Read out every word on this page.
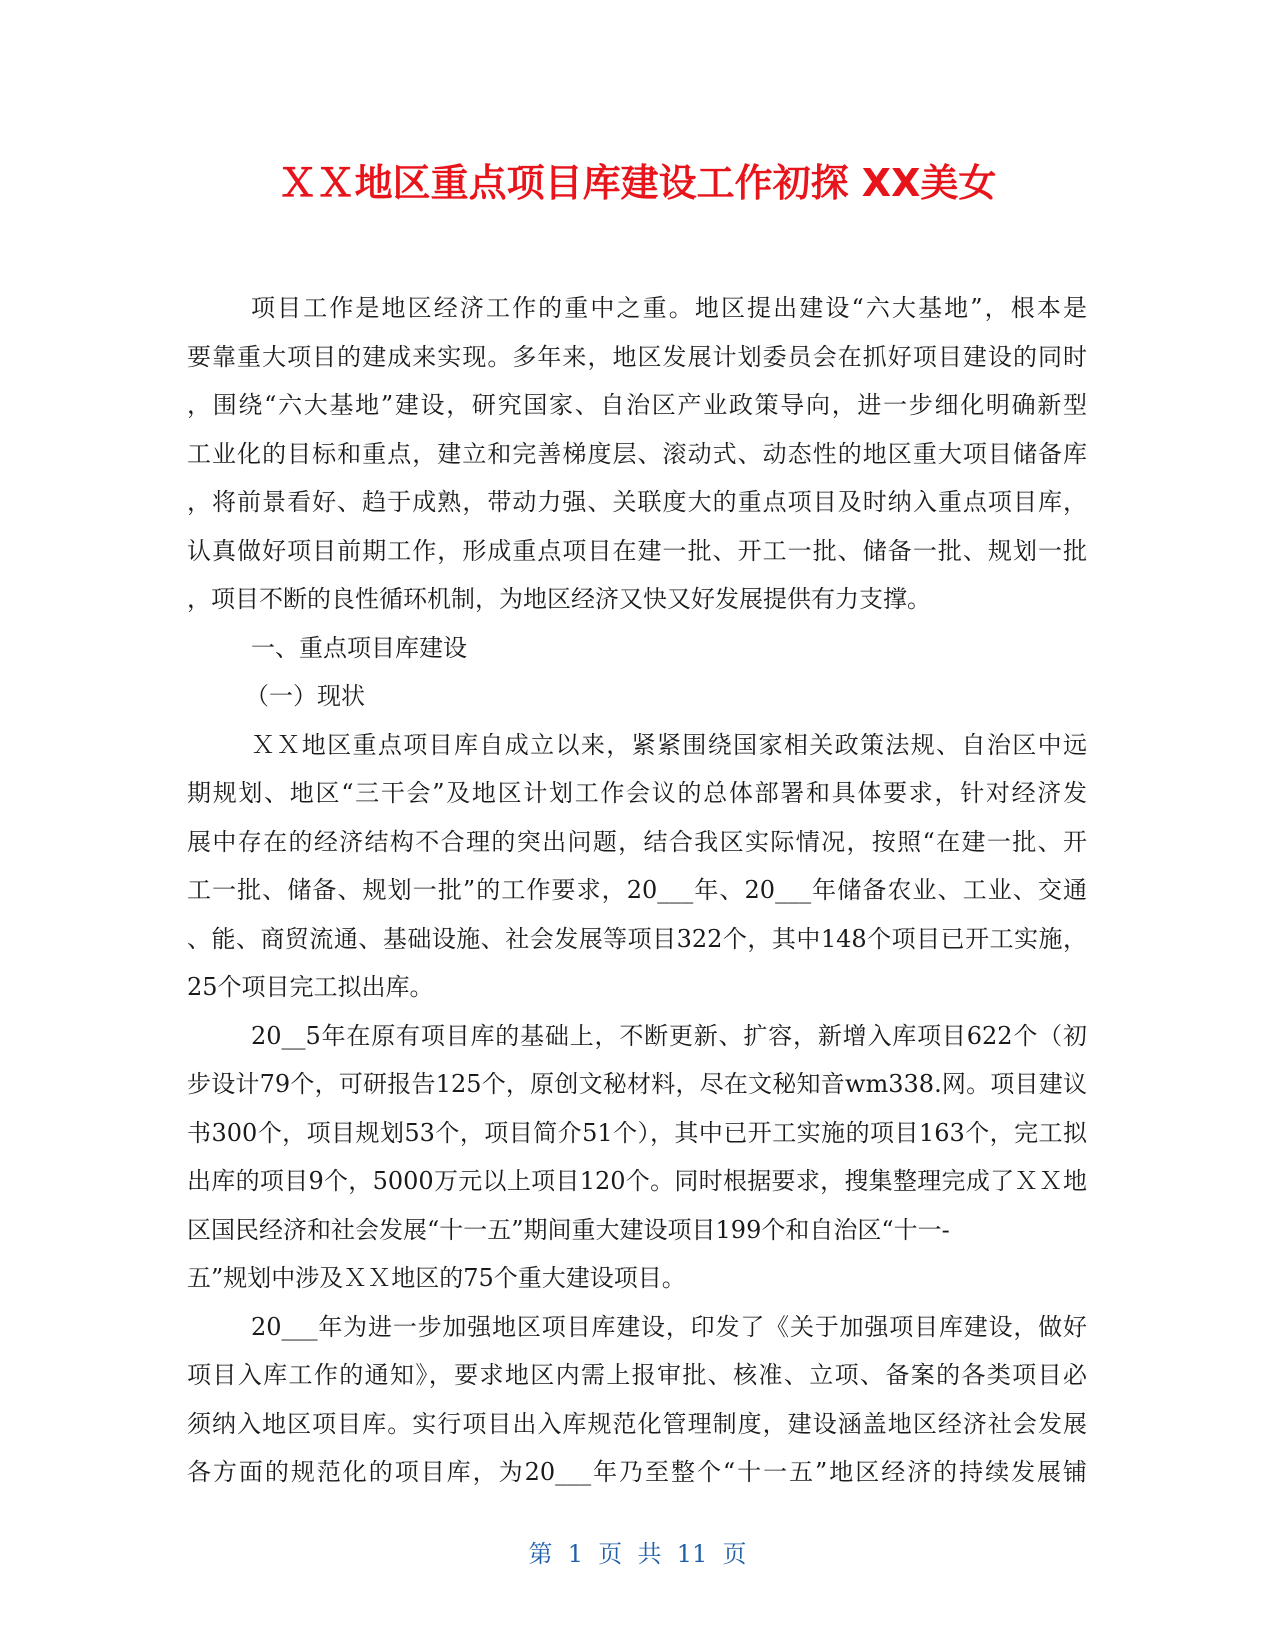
ＸＸ地区重点项目库建设工作初探 XX美女
项目工作是地区经济工作的重中之重。地区提出建设“六大基地”，根本是
要靠重大项目的建成来实现。多年来，地区发展计划委员会在抓好项目建设的同时
，围绕“六大基地”建设，研究国家、自治区产业政策导向，进一步细化明确新型
工业化的目标和重点，建立和完善梯度层、滚动式、动态性的地区重大项目储备库
，将前景看好、趋于成熟，带动力强、关联度大的重点项目及时纳入重点项目库，
认真做好项目前期工作，形成重点项目在建一批、开工一批、储备一批、规划一批
，项目不断的良性循环机制，为地区经济又快又好发展提供有力支撑。
一、重点项目库建设
（一）现状
ＸＸ地区重点项目库自成立以来，紧紧围绕国家相关政策法规、自治区中远
期规划、地区“三干会”及地区计划工作会议的总体部署和具体要求，针对经济发
展中存在的经济结构不合理的突出问题，结合我区实际情况，按照“在建一批、开
工一批、储备、规划一批”的工作要求，20___年、20___年储备农业、工业、交通
、能、商贸流通、基础设施、社会发展等项目322个，其中148个项目已开工实施，
25个项目完工拟出库。
20__5年在原有项目库的基础上，不断更新、扩容，新增入库项目622个（初
步设计79个，可研报告125个，原创文秘材料，尽在文秘知音wm338.网。项目建议
书300个，项目规划53个，项目简介51个），其中已开工实施的项目163个，完工拟
出库的项目9个，5000万元以上项目120个。同时根据要求，搜集整理完成了ＸＸ地
区国民经济和社会发展“十一五”期间重大建设项目199个和自治区“十一-
五”规划中涉及ＸＸ地区的75个重大建设项目。
20___年为进一步加强地区项目库建设，印发了《关于加强项目库建设，做好
项目入库工作的通知》，要求地区内需上报审批、核准、立项、备案的各类项目必
须纳入地区项目库。实行项目出入库规范化管理制度，建设涵盖地区经济社会发展
各方面的规范化的项目库，为20___年乃至整个“十一五”地区经济的持续发展铺
第  1  页  共  11  页
